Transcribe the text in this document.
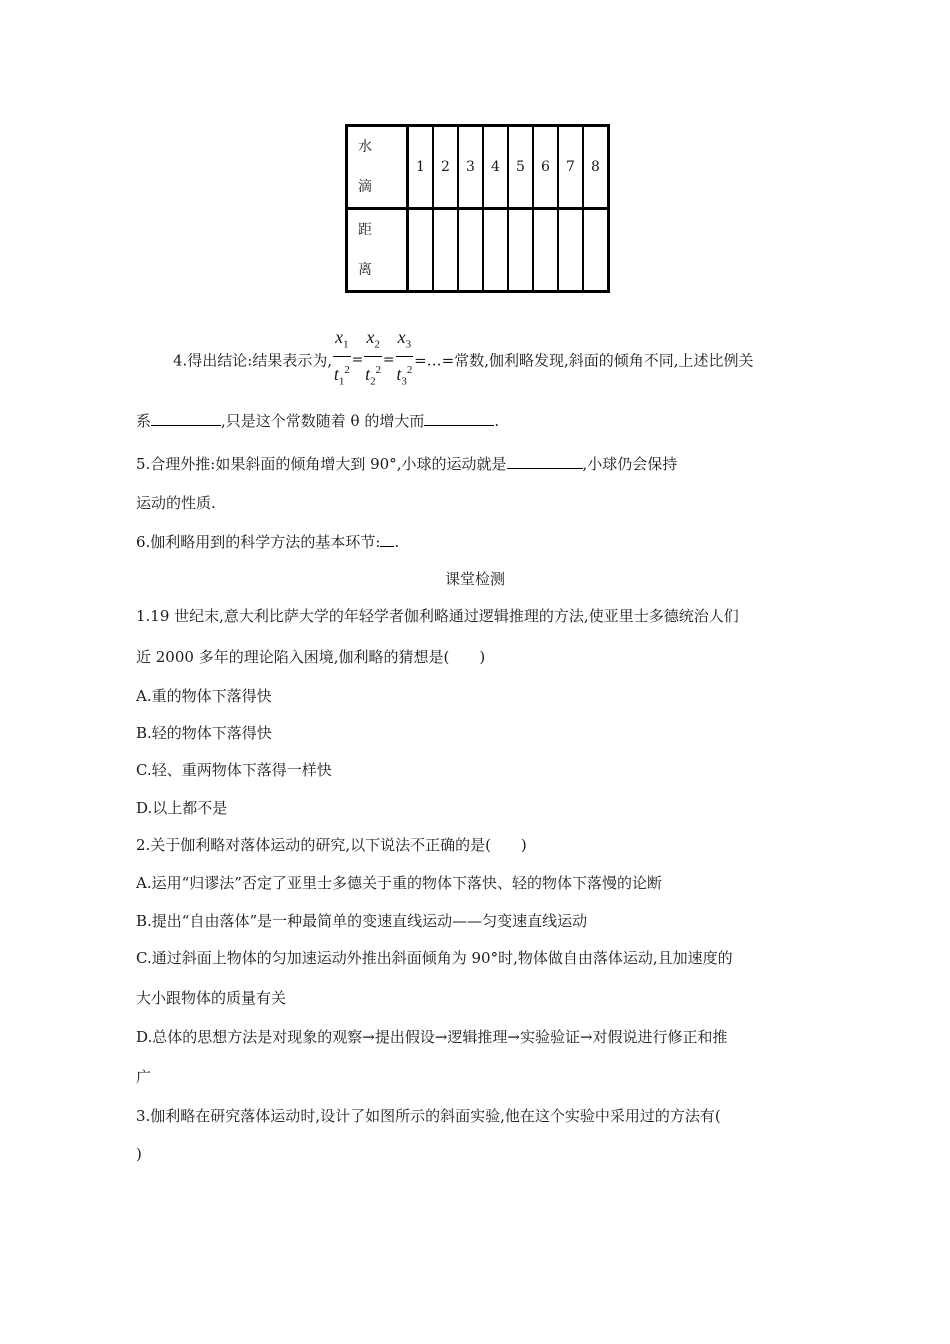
水
滴	1	2	3	4	5	6	7	8

距
离								

4.得出结论:结果表示为, $\frac{x_1}{t_1^2} = \frac{x_2}{t_2^2} = \frac{x_3}{t_3^2}$ =…=常数,伽利略发现,斜面的倾角不同,上述比例关
系	,只是这个常数随着 θ 的增大而	.
5.合理外推:如果斜面的倾角增大到 90°,小球的运动就是	,小球仍会保持
运动的性质.
6.伽利略用到的科学方法的基本环节: .
课堂检测
1.19 世纪末,意大利比萨大学的年轻学者伽利略通过逻辑推理的方法,使亚里士多德统治人们
近 2000 多年的理论陷入困境,伽利略的猜想是(　　)
A.重的物体下落得快
B.轻的物体下落得快
C.轻、重两物体下落得一样快
D.以上都不是
2.关于伽利略对落体运动的研究,以下说法不正确的是(　　)
A.运用“归谬法”否定了亚里士多德关于重的物体下落快、轻的物体下落慢的论断
B.提出“自由落体”是一种最简单的变速直线运动——匀变速直线运动
C.通过斜面上物体的匀加速运动外推出斜面倾角为 90°时,物体做自由落体运动,且加速度的
大小跟物体的质量有关
D.总体的思想方法是对现象的观察→提出假设→逻辑推理→实验验证→对假说进行修正和推
广
3.伽利略在研究落体运动时,设计了如图所示的斜面实验,他在这个实验中采用过的方法有(
)
